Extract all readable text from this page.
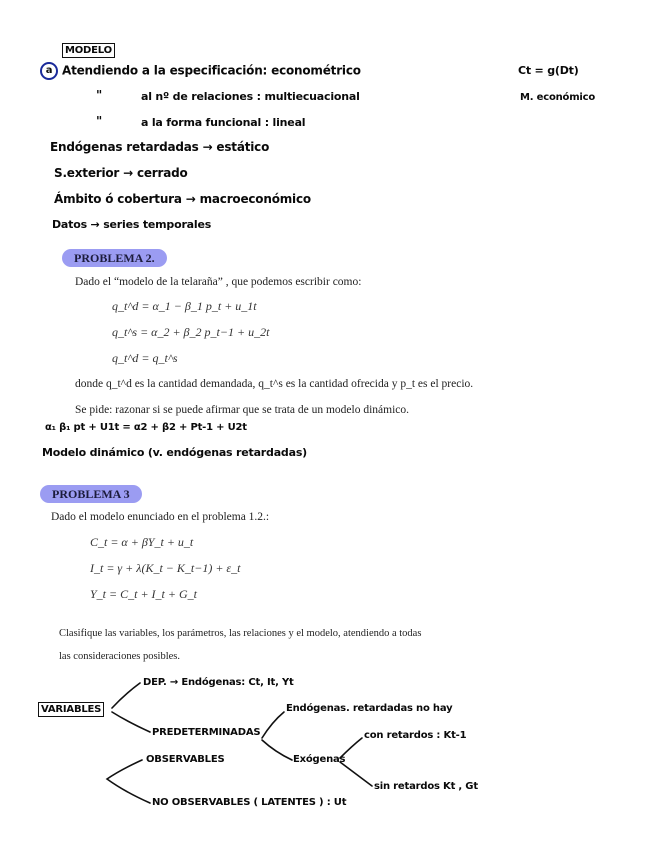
MODELO
a Atendiendo a la especificación: econométrico	Ct = g(Dt)
"	al nº de relaciones : multiecuacional	M. económico
"	a la forma funcional : lineal
Endógenas retardadas → estático
S.exterior → cerrado
Ámbito ó cobertura → macroeconómico
Datos → series temporales
PROBLEMA 2.
Dado el “modelo de la telaraña” , que podemos escribir como:
q_t^d = α_1 − β_1 p_t + u_1t
q_t^s = α_2 + β_2 p_t−1 + u_2t
q_t^d = q_t^s
donde q_t^d es la cantidad demandada, q_t^s es la cantidad ofrecida y p_t es el precio.
Se pide: razonar si se puede afirmar que se trata de un modelo dinámico.
α₁ β₁ pt + U1t = α2 + β2 + Pt-1 + U2t
Modelo dinámico (v. endógenas retardadas)
PROBLEMA 3
Dado el modelo enunciado en el problema 1.2.:
C_t = α + βY_t + u_t
I_t = γ + λ(K_t − K_t−1) + ε_t
Y_t = C_t + I_t + G_t
Clasifique las variables, los parámetros, las relaciones y el modelo, atendiendo a todas
las consideraciones posibles.
VARIABLES
DEP. → Endógenas: Ct, It, Yt
PREDETERMINADAS
Endógenas. retardadas no hay
Exógenas
con retardos : Kt-1
sin retardos Kt , Gt
OBSERVABLES
NO OBSERVABLES ( LATENTES ) : Ut
